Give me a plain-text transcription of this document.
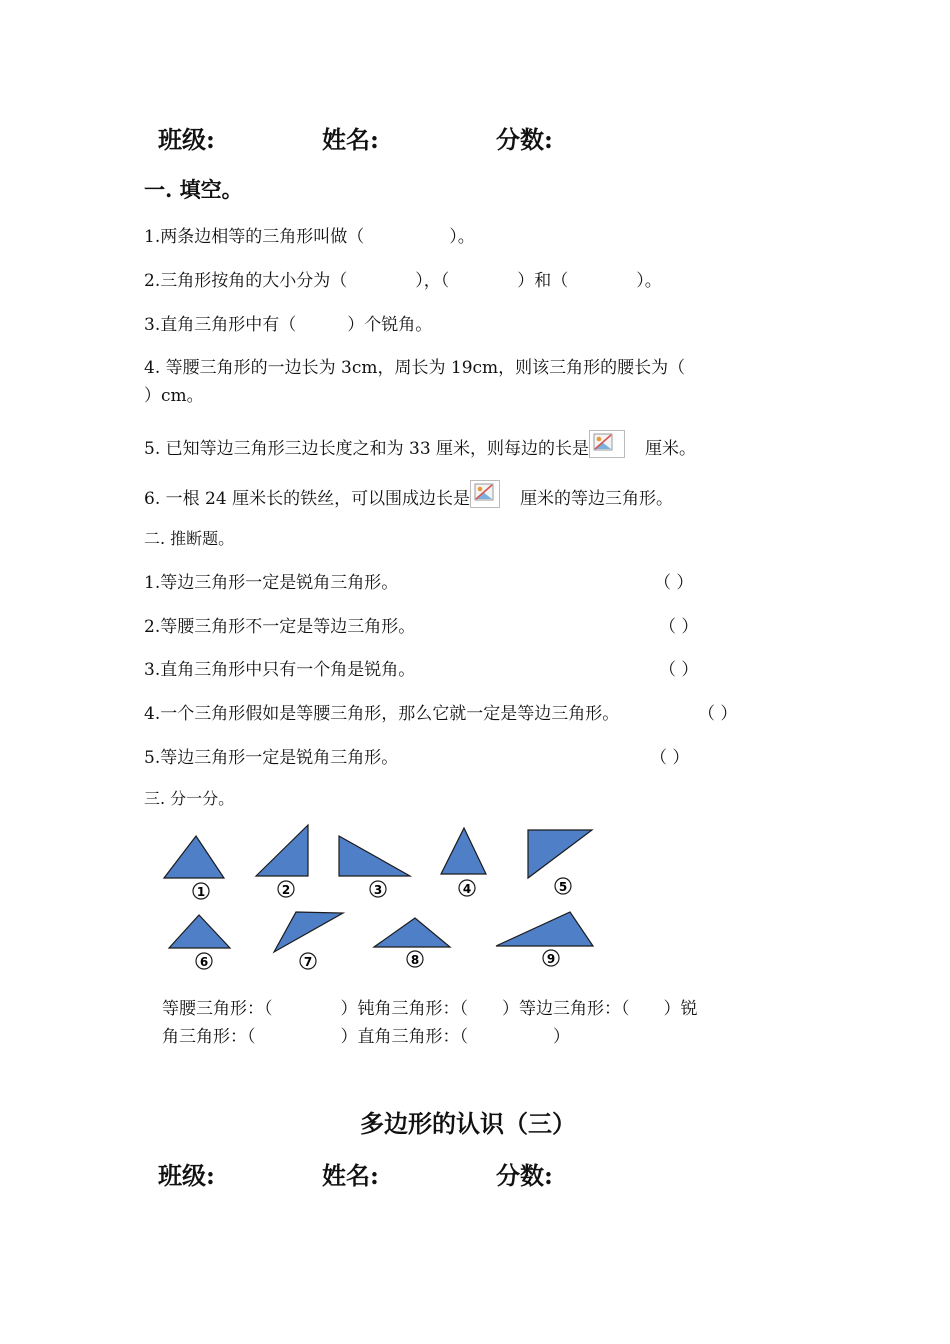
班级:	姓名:	分数:
一. 填空。
1.两条边相等的三角形叫做（　　　　　）。
2.三角形按角的大小分为（　　　　），（　　　　）和（　　　　）。
3.直角三角形中有（　　　）个锐角。
4. 等腰三角形的一边长为 3cm，周长为 19cm，则该三角形的腰长为（
）cm。
5. 已知等边三角形三边长度之和为 33 厘米，则每边的长是	厘米。
6. 一根 24 厘米长的铁丝，可以围成边长是	厘米的等边三角形。
二. 推断题。
1.等边三角形一定是锐角三角形。	（ ）
2.等腰三角形不一定是等边三角形。	（ ）
3.直角三角形中只有一个角是锐角。	（ ）
4.一个三角形假如是等腰三角形，那么它就一定是等边三角形。	（ ）
5.等边三角形一定是锐角三角形。	（ ）
三. 分一分。
1	2	3	4	5
6	7	8	9
等腰三角形：（　　　　）钝角三角形：（　　）等边三角形：（　　）锐
角三角形：（　　　　　）直角三角形：（　　　　　）
多边形的认识（三）
班级:	姓名:	分数:
